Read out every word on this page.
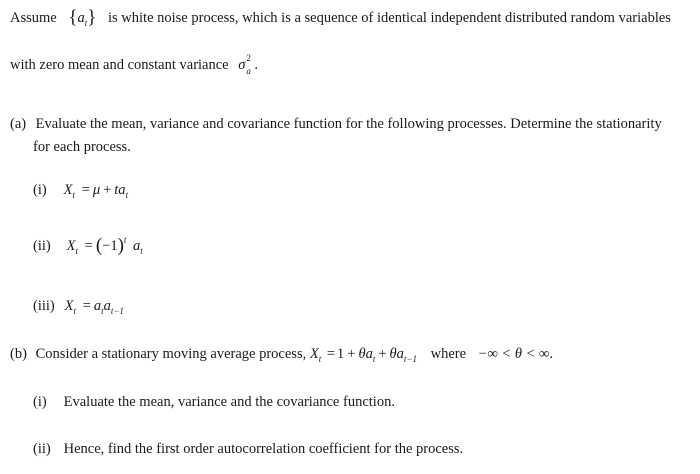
Assume $\{a_t\}$ is white noise process, which is a sequence of identical independent distributed random variables
with zero mean and constant variance σ 2
a .
(a) Evaluate the mean, variance and covariance function for the following processes. Determine the stationarity
for each process.
(i) $X_t = \mu + ta_t$
(ii) $X_t = (-1)^t$ $a_t$
(iii) $X_t = a_ta_{t-1}$
(b) Consider a stationary moving average process, $X_t = 1 + \theta a_t + \theta a_{t-1}$ where −∞ < θ < ∞.
(i) Evaluate the mean, variance and the covariance function.
(ii) Hence, find the first order autocorrelation coefficient for the process.
